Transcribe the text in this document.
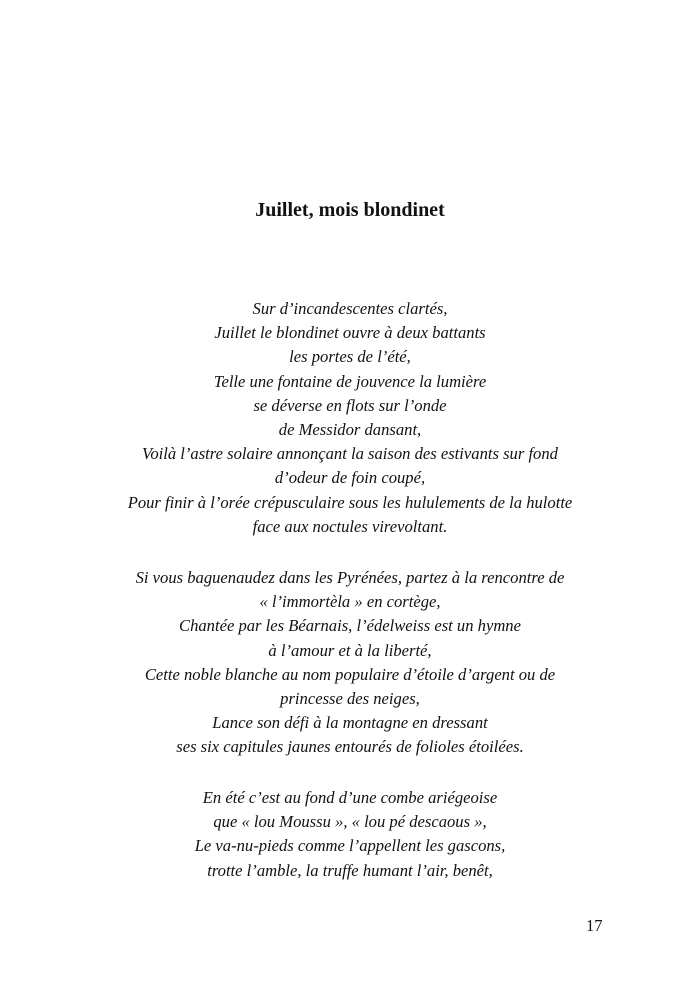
Juillet, mois blondinet
Sur d’incandescentes clartés,
Juillet le blondinet ouvre à deux battants
les portes de l’été,
Telle une fontaine de jouvence la lumière
se déverse en flots sur l’onde
de Messidor dansant,
Voilà l’astre solaire annonçant la saison des estivants sur fond
d’odeur de foin coupé,
Pour finir à l’orée crépusculaire sous les hululements de la hulotte
face aux noctules virevoltant.
Si vous baguenaudez dans les Pyrénées, partez à la rencontre de
« l’immortèla » en cortège,
Chantée par les Béarnais, l’édelweiss est un hymne
à l’amour et à la liberté,
Cette noble blanche au nom populaire d’étoile d’argent ou de
princesse des neiges,
Lance son défi à la montagne en dressant
ses six capitules jaunes entourés de folioles étoilées.
En été c’est au fond d’une combe ariégeoise
que « lou Moussu », « lou pé descaous »,
Le va-nu-pieds comme l’appellent les gascons,
trotte l’amble, la truffe humant l’air, benêt,
17
